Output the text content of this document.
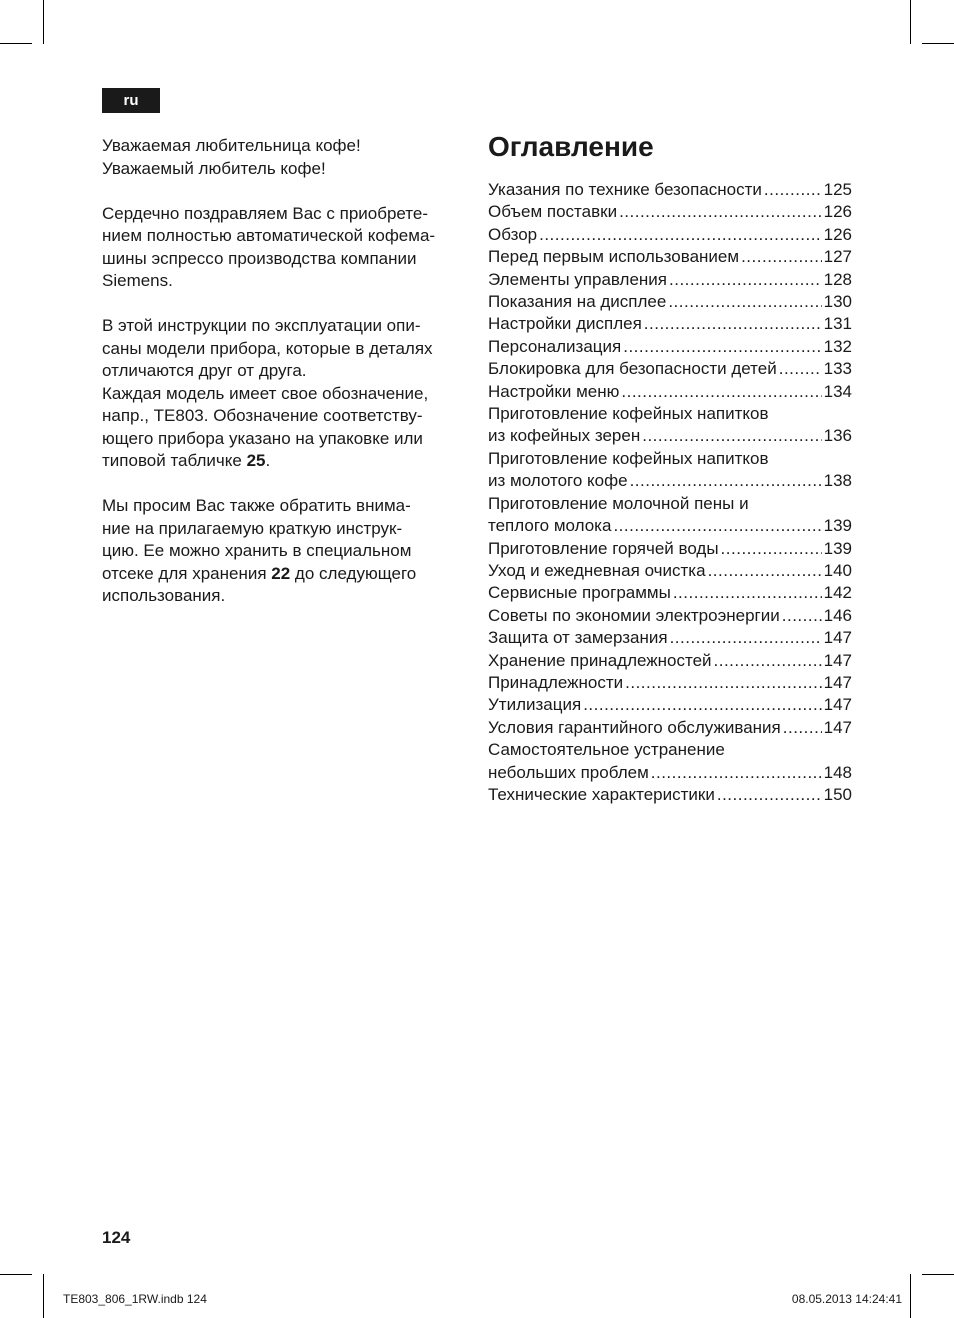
ru

Уважаемая любительница кофе!
Уважаемый любитель кофе!

Сердечно поздравляем Вас с приобрете-
нием полностью автоматической кофема-
шины эспрессо производства компании
Siemens.

В этой инструкции по эксплуатации опи-
саны модели прибора, которые в деталях
отличаются друг от друга.

Каждая модель имеет свое обозначение,
напр., TE803. Обозначение соответству-
ющего прибора указано на упаковке или
типовой табличке 25.

Мы просим Вас также обратить внима-
ние на прилагаемую краткую инструк-
цию. Ее можно хранить в специальном
отсеке для хранения 22 до следующего
использования.

Оглавление
Указания по технике безопасности .....	125
Объем поставки .....	126
Обзор .....	126
Перед первым использованием .....	127
Элементы управления .....	128
Показания на дисплее .....	130
Настройки дисплея .....	131
Персонализация .....	132
Блокировка для безопасности детей .....	133
Настройки меню .....	134
Приготовление кофейных напитков
из кофейных зерен .....	136
Приготовление кофейных напитков
из молотого кофе .....	138
Приготовление молочной пены и
теплого молока .....	139
Приготовление горячей воды .....	139
Уход и ежедневная очистка .....	140
Сервисные программы .....	142
Советы по экономии электроэнергии .....	146
Защита от замерзания .....	147
Хранение принадлежностей .....	147
Принадлежности .....	147
Утилизация .....	147
Условия гарантийного обслуживания .....	147
Самостоятельное устранение
небольших проблем .....	148
Технические характеристики .....	150
124
TE803_806_1RW.indb 124	08.05.2013 14:24:41
